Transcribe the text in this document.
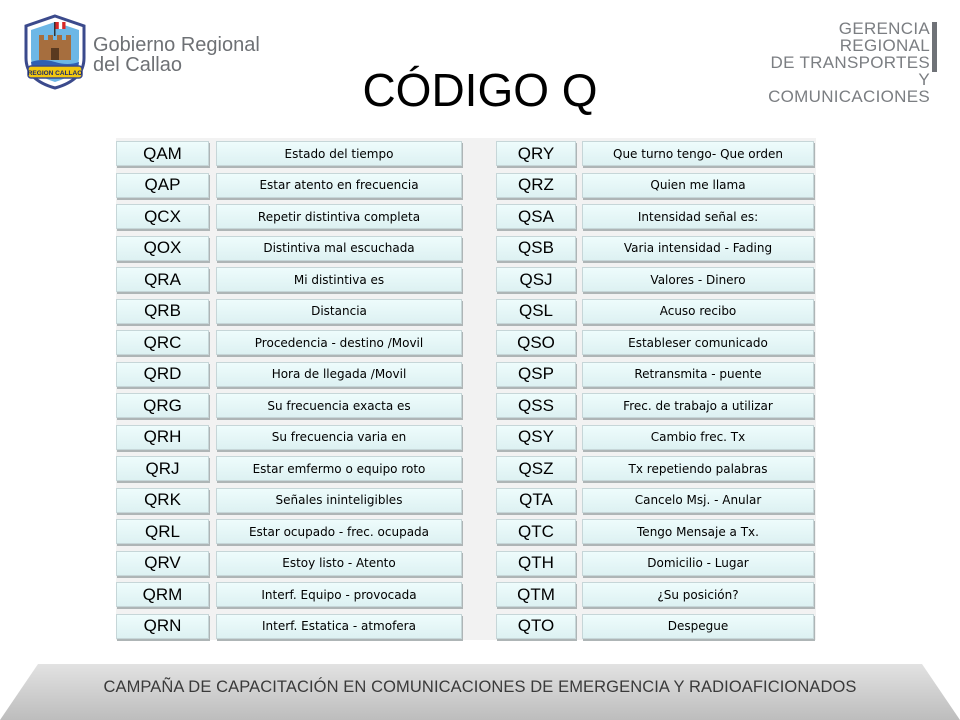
REGION CALLAO
Gobierno Regional
del Callao
GERENCIA REGIONAL
DE TRANSPORTES Y
COMUNICACIONES
CÓDIGO Q
QAM	Estado del tiempo	QRY	Que turno tengo- Que orden
QAP	Estar atento en frecuencia	QRZ	Quien me llama
QCX	Repetir distintiva completa	QSA	Intensidad señal es:
QOX	Distintiva mal escuchada	QSB	Varia intensidad - Fading
QRA	Mi distintiva es	QSJ	Valores - Dinero
QRB	Distancia	QSL	Acuso recibo
QRC	Procedencia - destino /Movil	QSO	Estableser comunicado
QRD	Hora de llegada /Movil	QSP	Retransmita - puente
QRG	Su frecuencia exacta es	QSS	Frec. de trabajo a utilizar
QRH	Su frecuencia varia en	QSY	Cambio frec. Tx
QRJ	Estar emfermo o equipo roto	QSZ	Tx repetiendo palabras
QRK	Señales ininteligibles	QTA	Cancelo Msj. - Anular
QRL	Estar ocupado - frec. ocupada	QTC	Tengo Mensaje a Tx.
QRV	Estoy listo - Atento	QTH	Domicilio - Lugar
QRM	Interf. Equipo - provocada	QTM	¿Su posición?
QRN	Interf. Estatica - atmofera	QTO	Despegue
CAMPAÑA DE CAPACITACIÓN EN COMUNICACIONES DE EMERGENCIA Y RADIOAFICIONADOS
